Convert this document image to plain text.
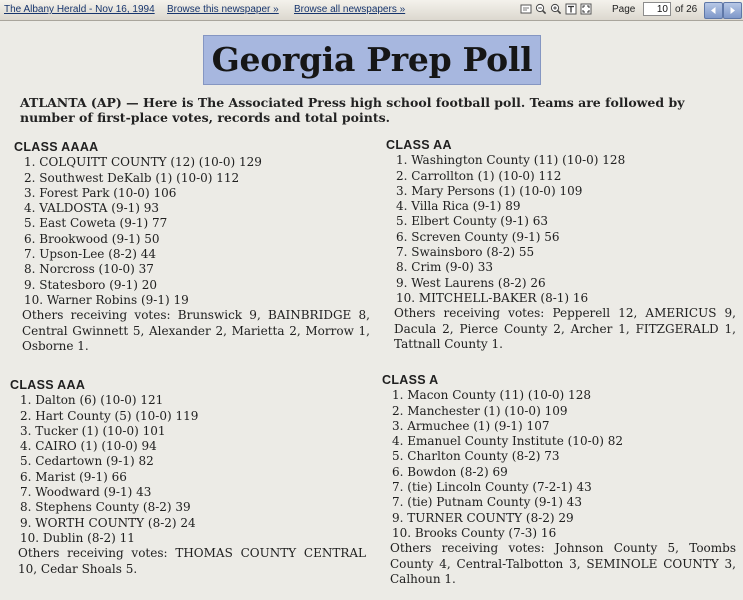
The Albany Herald - Nov 16, 1994 Browse this newspaper » Browse all newspapers »	Page
10	of 26
Georgia Prep Poll
ATLANTA (AP) — Here is The Associated Press high school football poll. Teams are followed by number of first-place votes, records and total points.
CLASS AAAA
1. COLQUITT COUNTY (12) (10-0) 129
2. Southwest DeKalb (1) (10-0) 112
3. Forest Park (10-0) 106
4. VALDOSTA (9-1) 93
5. East Coweta (9-1) 77
6. Brookwood (9-1) 50
7. Upson-Lee (8-2) 44
8. Norcross (10-0) 37
9. Statesboro (9-1) 20
10. Warner Robins (9-1) 19
Others receiving votes: Brunswick 9, BAINBRIDGE 8, Central Gwinnett 5, Alexander 2, Marietta 2, Morrow 1, Osborne 1.
CLASS AA
1. Washington County (11) (10-0) 128
2. Carrollton (1) (10-0) 112
3. Mary Persons (1) (10-0) 109
4. Villa Rica (9-1) 89
5. Elbert County (9-1) 63
6. Screven County (9-1) 56
7. Swainsboro (8-2) 55
8. Crim (9-0) 33
9. West Laurens (8-2) 26
10. MITCHELL-BAKER (8-1) 16
Others receiving votes: Pepperell 12, AMERICUS 9, Dacula 2, Pierce County 2, Archer 1, FITZGERALD 1, Tattnall County 1.
CLASS AAA
1. Dalton (6) (10-0) 121
2. Hart County (5) (10-0) 119
3. Tucker (1) (10-0) 101
4. CAIRO (1) (10-0) 94
5. Cedartown (9-1) 82
6. Marist (9-1) 66
7. Woodward (9-1) 43
8. Stephens County (8-2) 39
9. WORTH COUNTY (8-2) 24
10. Dublin (8-2) 11
Others receiving votes: THOMAS COUNTY CENTRAL 10, Cedar Shoals 5.
CLASS A
1. Macon County (11) (10-0) 128
2. Manchester (1) (10-0) 109
3. Armuchee (1) (9-1) 107
4. Emanuel County Institute (10-0) 82
5. Charlton County (8-2) 73
6. Bowdon (8-2) 69
7. (tie) Lincoln County (7-2-1) 43
7. (tie) Putnam County (9-1) 43
9. TURNER COUNTY (8-2) 29
10. Brooks County (7-3) 16
Others receiving votes: Johnson County 5, Toombs County 4, Central-Talbotton 3, SEMINOLE COUNTY 3, Calhoun 1.
